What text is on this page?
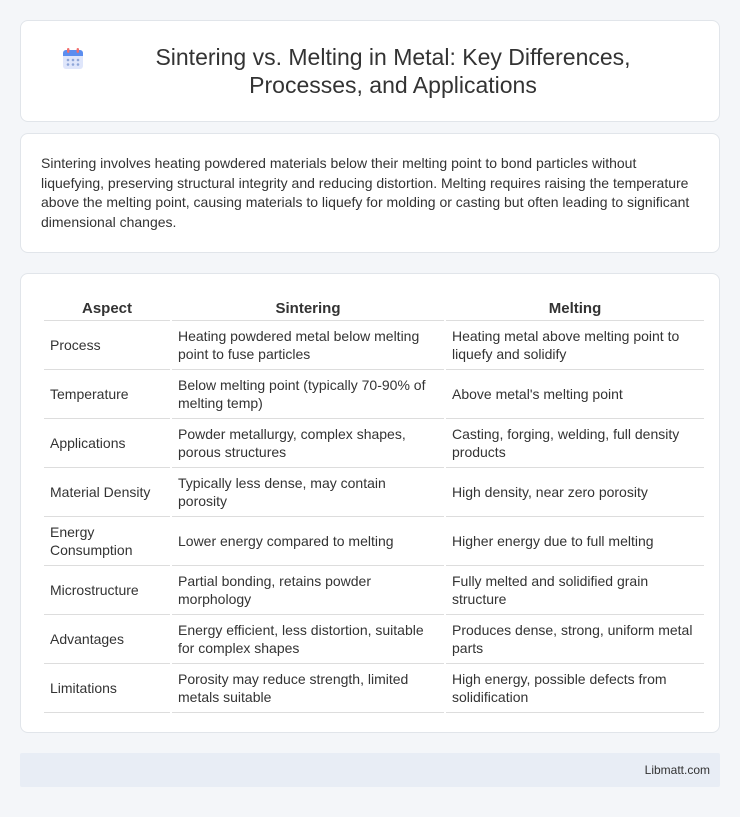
Sintering vs. Melting in Metal: Key Differences, Processes, and Applications

Sintering involves heating powdered materials below their melting point to bond particles without liquefying, preserving structural integrity and reducing distortion. Melting requires raising the temperature above the melting point, causing materials to liquefy for molding or casting but often leading to significant dimensional changes.

Aspect	Sintering	Melting
Process	Heating powdered metal below melting point to fuse particles	Heating metal above melting point to liquefy and solidify
Temperature	Below melting point (typically 70-90% of melting temp)	Above metal's melting point
Applications	Powder metallurgy, complex shapes, porous structures	Casting, forging, welding, full density products
Material Density	Typically less dense, may contain porosity	High density, near zero porosity
Energy Consumption	Lower energy compared to melting	Higher energy due to full melting
Microstructure	Partial bonding, retains powder morphology	Fully melted and solidified grain structure
Advantages	Energy efficient, less distortion, suitable for complex shapes	Produces dense, strong, uniform metal parts
Limitations	Porosity may reduce strength, limited metals suitable	High energy, possible defects from solidification
Libmatt.com
